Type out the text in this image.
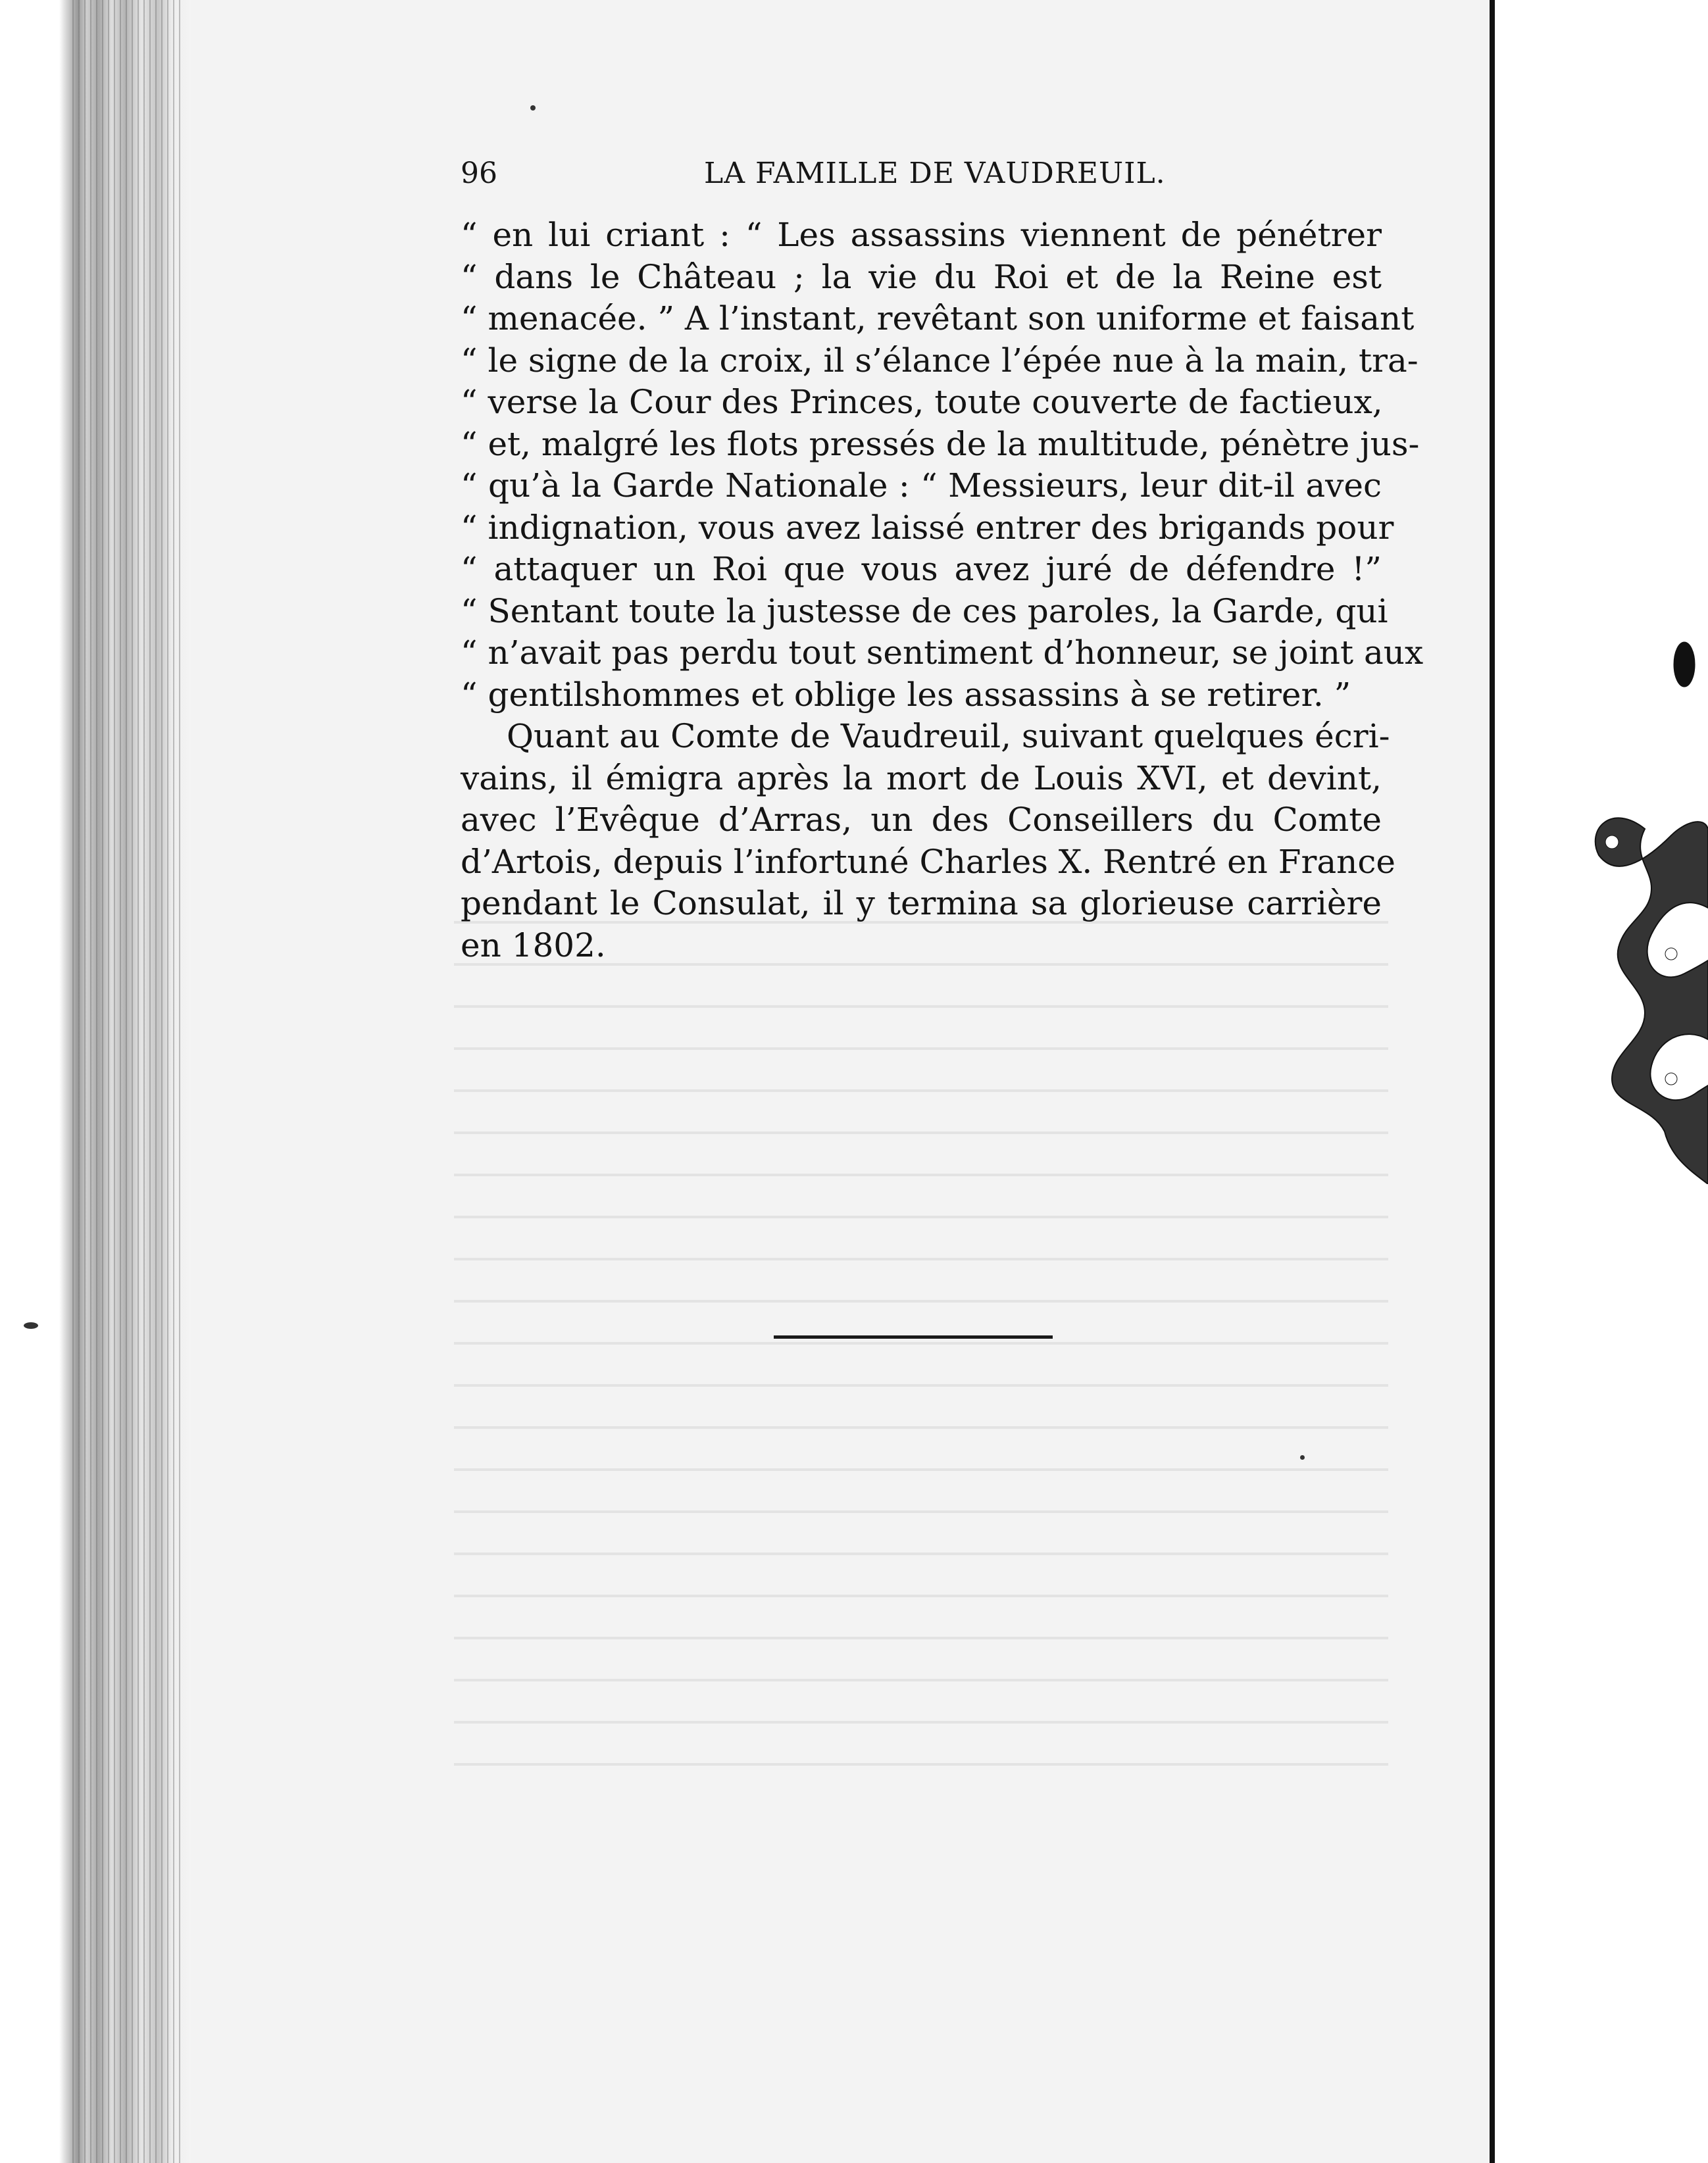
96	LA FAMILLE DE VAUDREUIL.
“ en lui criant : “ Les assassins viennent de pénétrer
“ dans le Château ; la vie du Roi et de la Reine est
“ menacée. ” A l’instant, revêtant son uniforme et faisant
“ le signe de la croix, il s’élance l’épée nue à la main, tra-
“ verse la Cour des Princes, toute couverte de factieux,
“ et, malgré les flots pressés de la multitude, pénètre jus-
“ qu’à la Garde Nationale : “ Messieurs, leur dit-il avec
“ indignation, vous avez laissé entrer des brigands pour
“ attaquer un Roi que vous avez juré de défendre !”
“ Sentant toute la justesse de ces paroles, la Garde, qui
“ n’avait pas perdu tout sentiment d’honneur, se joint aux
“ gentilshommes et oblige les assassins à se retirer. ”
Quant au Comte de Vaudreuil, suivant quelques écri-
vains, il émigra après la mort de Louis XVI, et devint,
avec l’Evêque d’Arras, un des Conseillers du Comte
d’Artois, depuis l’infortuné Charles X. Rentré en France
pendant le Consulat, il y termina sa glorieuse carrière
en 1802.
